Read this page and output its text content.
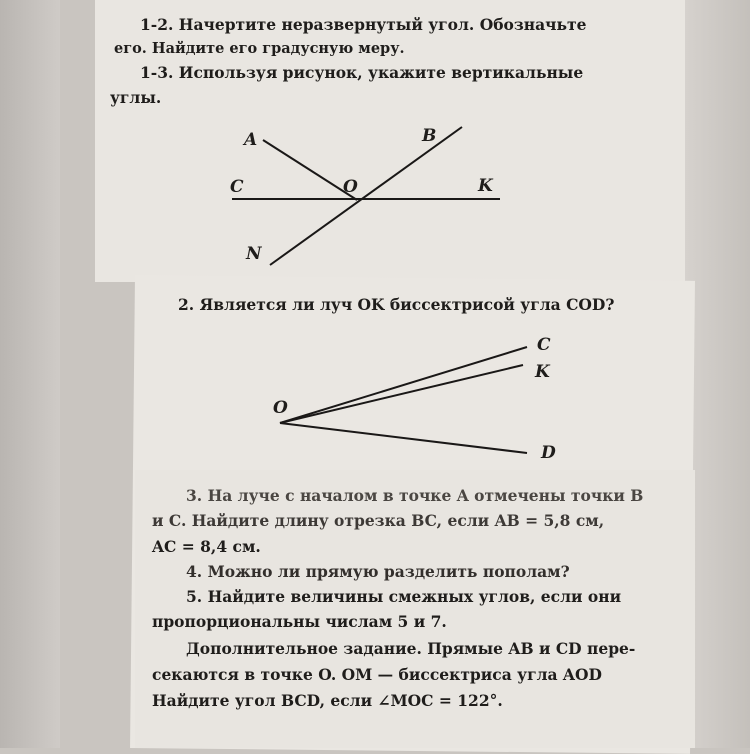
1-2. Начертите неразвернутый угол. Обозначьте
его. Найдите его градусную меру.
1-3. Используя рисунок, укажите вертикальные
углы.
A	B
C	O	K
N
2. Является ли луч OK биссектрисой угла COD?
O
C
K
D
3. На луче с началом в точке A отмечены точки B
и C. Найдите длину отрезка BC, если AB = 5,8 см,
AC = 8,4 см.
4. Можно ли прямую разделить пополам?
5. Найдите величины смежных углов, если они
пропорциональны числам 5 и 7.
Дополнительное задание. Прямые AB и CD пере-
секаются в точке O. OM — биссектриса угла AOD
Найдите угол BCD, если ∠MOC = 122°.
